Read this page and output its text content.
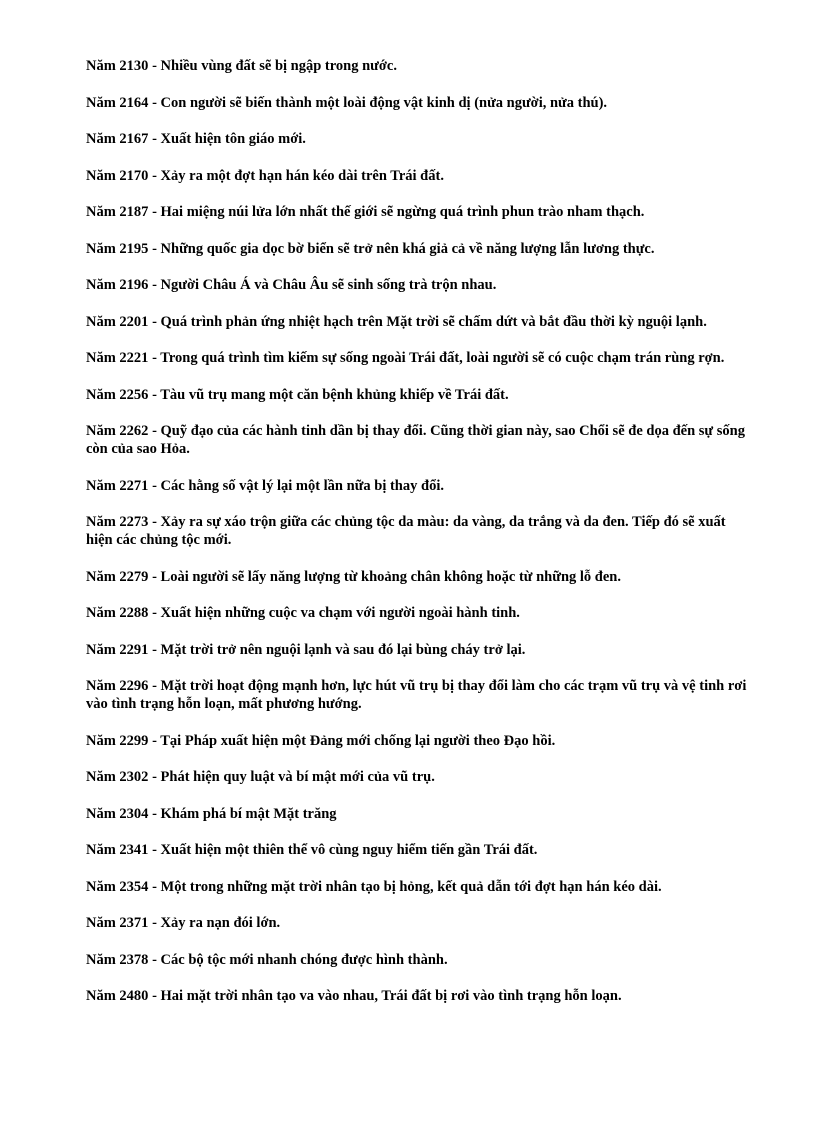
Năm 2130 - Nhiều vùng đất sẽ bị ngập trong nước.

Năm 2164 - Con người sẽ biến thành một loài động vật kinh dị (nửa người, nửa thú).

Năm 2167 - Xuất hiện tôn giáo mới.

Năm 2170 - Xảy ra một đợt hạn hán kéo dài trên Trái đất.

Năm 2187 - Hai miệng núi lửa lớn nhất thế giới sẽ ngừng quá trình phun trào nham thạch.

Năm 2195 - Những quốc gia dọc bờ biển sẽ trở nên khá giả cả về năng lượng lẫn lương thực.

Năm 2196 - Người Châu Á và Châu Âu sẽ sinh sống trà trộn nhau.

Năm 2201 - Quá trình phản ứng nhiệt hạch trên Mặt trời sẽ chấm dứt và bắt đầu thời kỳ nguội lạnh.

Năm 2221 - Trong quá trình tìm kiếm sự sống ngoài Trái đất, loài người sẽ có cuộc chạm trán rùng rợn.

Năm 2256 - Tàu vũ trụ mang một căn bệnh khủng khiếp về Trái đất.

Năm 2262 - Quỹ đạo của các hành tinh dần bị thay đổi. Cũng thời gian này, sao Chổi sẽ đe dọa đến sự sống còn của sao Hỏa.

Năm 2271 - Các hằng số vật lý lại một lần nữa bị thay đổi.

Năm 2273 - Xảy ra sự xáo trộn giữa các chủng tộc da màu: da vàng, da trắng và da đen. Tiếp đó sẽ xuất hiện các chủng tộc mới.

Năm 2279 - Loài người sẽ lấy năng lượng từ khoảng chân không hoặc từ những lỗ đen.

Năm 2288 - Xuất hiện những cuộc va chạm với người ngoài hành tinh.

Năm 2291 - Mặt trời trở nên nguội lạnh và sau đó lại bùng cháy trở lại.

Năm 2296 - Mặt trời hoạt động mạnh hơn, lực hút vũ trụ bị thay đổi làm cho các trạm vũ trụ và vệ tinh rơi vào tình trạng hỗn loạn, mất phương hướng.

Năm 2299 - Tại Pháp xuất hiện một Đảng mới chống lại người theo Đạo hồi.

Năm 2302 - Phát hiện quy luật và bí mật mới của vũ trụ.

Năm 2304 - Khám phá bí mật Mặt trăng

Năm 2341 - Xuất hiện một thiên thể vô cùng nguy hiểm tiến gần Trái đất.

Năm 2354 - Một trong những mặt trời nhân tạo bị hỏng, kết quả dẫn tới đợt hạn hán kéo dài.

Năm 2371 - Xảy ra nạn đói lớn.

Năm 2378 - Các bộ tộc mới nhanh chóng được hình thành.

Năm 2480 - Hai mặt trời nhân tạo va vào nhau, Trái đất bị rơi vào tình trạng hỗn loạn.
